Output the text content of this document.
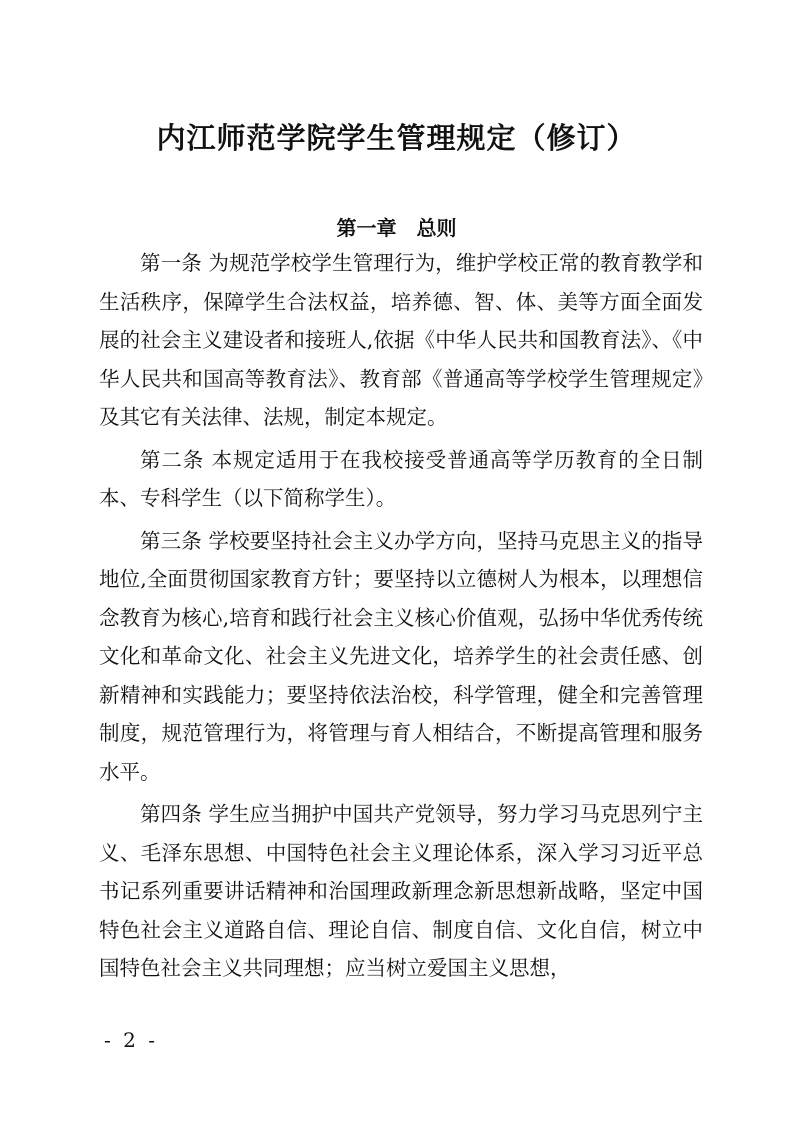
内江师范学院学生管理规定（修订）
第一章　总则

第一条 为规范学校学生管理行为，维护学校正常的教育教学和生活秩序，保障学生合法权益，培养德、智、体、美等方面全面发展的社会主义建设者和接班人,依据《中华人民共和国教育法》、《中华人民共和国高等教育法》、教育部《普通高等学校学生管理规定》及其它有关法律、法规，制定本规定。

第二条 本规定适用于在我校接受普通高等学历教育的全日制本、专科学生（以下简称学生）。

第三条 学校要坚持社会主义办学方向，坚持马克思主义的指导地位,全面贯彻国家教育方针；要坚持以立德树人为根本，以理想信念教育为核心,培育和践行社会主义核心价值观，弘扬中华优秀传统文化和革命文化、社会主义先进文化，培养学生的社会责任感、创新精神和实践能力；要坚持依法治校，科学管理，健全和完善管理制度，规范管理行为，将管理与育人相结合，不断提高管理和服务水平。

第四条 学生应当拥护中国共产党领导，努力学习马克思列宁主义、毛泽东思想、中国特色社会主义理论体系，深入学习习近平总书记系列重要讲话精神和治国理政新理念新思想新战略，坚定中国特色社会主义道路自信、理论自信、制度自信、文化自信，树立中国特色社会主义共同理想；应当树立爱国主义思想，

- 2 -
